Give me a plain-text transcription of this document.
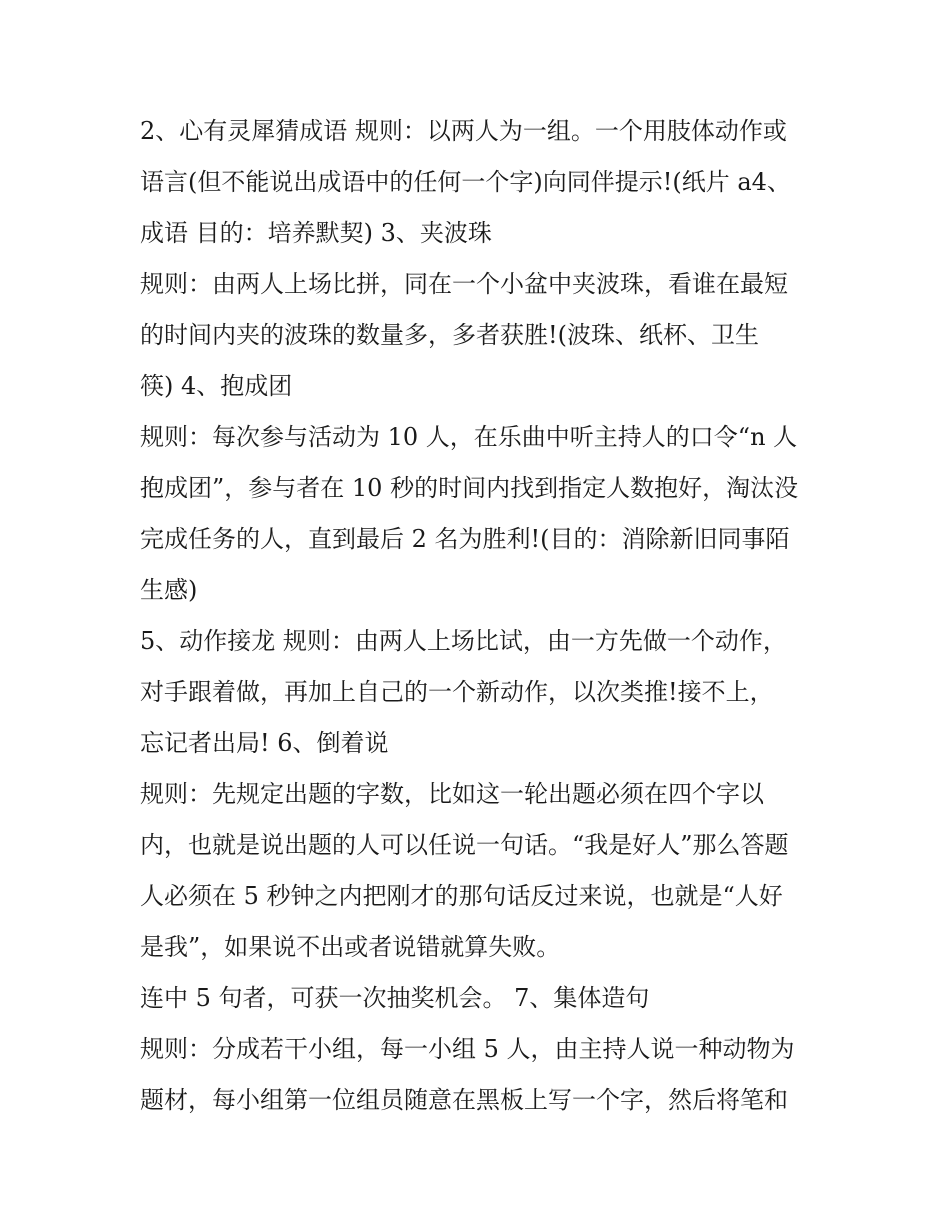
2、心有灵犀猜成语 规则：以两人为一组。一个用肢体动作或
语言(但不能说出成语中的任何一个字)向同伴提示!(纸片 a4、
成语 目的：培养默契) 3、夹波珠
规则：由两人上场比拼，同在一个小盆中夹波珠，看谁在最短
的时间内夹的波珠的数量多，多者获胜!(波珠、纸杯、卫生
筷) 4、抱成团
规则：每次参与活动为 10 人，在乐曲中听主持人的口令“n 人
抱成团”，参与者在 10 秒的时间内找到指定人数抱好，淘汰没
完成任务的人，直到最后 2 名为胜利!(目的：消除新旧同事陌
生感)
5、动作接龙 规则：由两人上场比试，由一方先做一个动作，
对手跟着做，再加上自己的一个新动作，以次类推!接不上，
忘记者出局! 6、倒着说
规则：先规定出题的字数，比如这一轮出题必须在四个字以
内，也就是说出题的人可以任说一句话。“我是好人”那么答题
人必须在 5 秒钟之内把刚才的那句话反过来说，也就是“人好
是我”，如果说不出或者说错就算失败。
连中 5 句者，可获一次抽奖机会。 7、集体造句
规则：分成若干小组，每一小组 5 人，由主持人说一种动物为
题材，每小组第一位组员随意在黑板上写一个字，然后将笔和
